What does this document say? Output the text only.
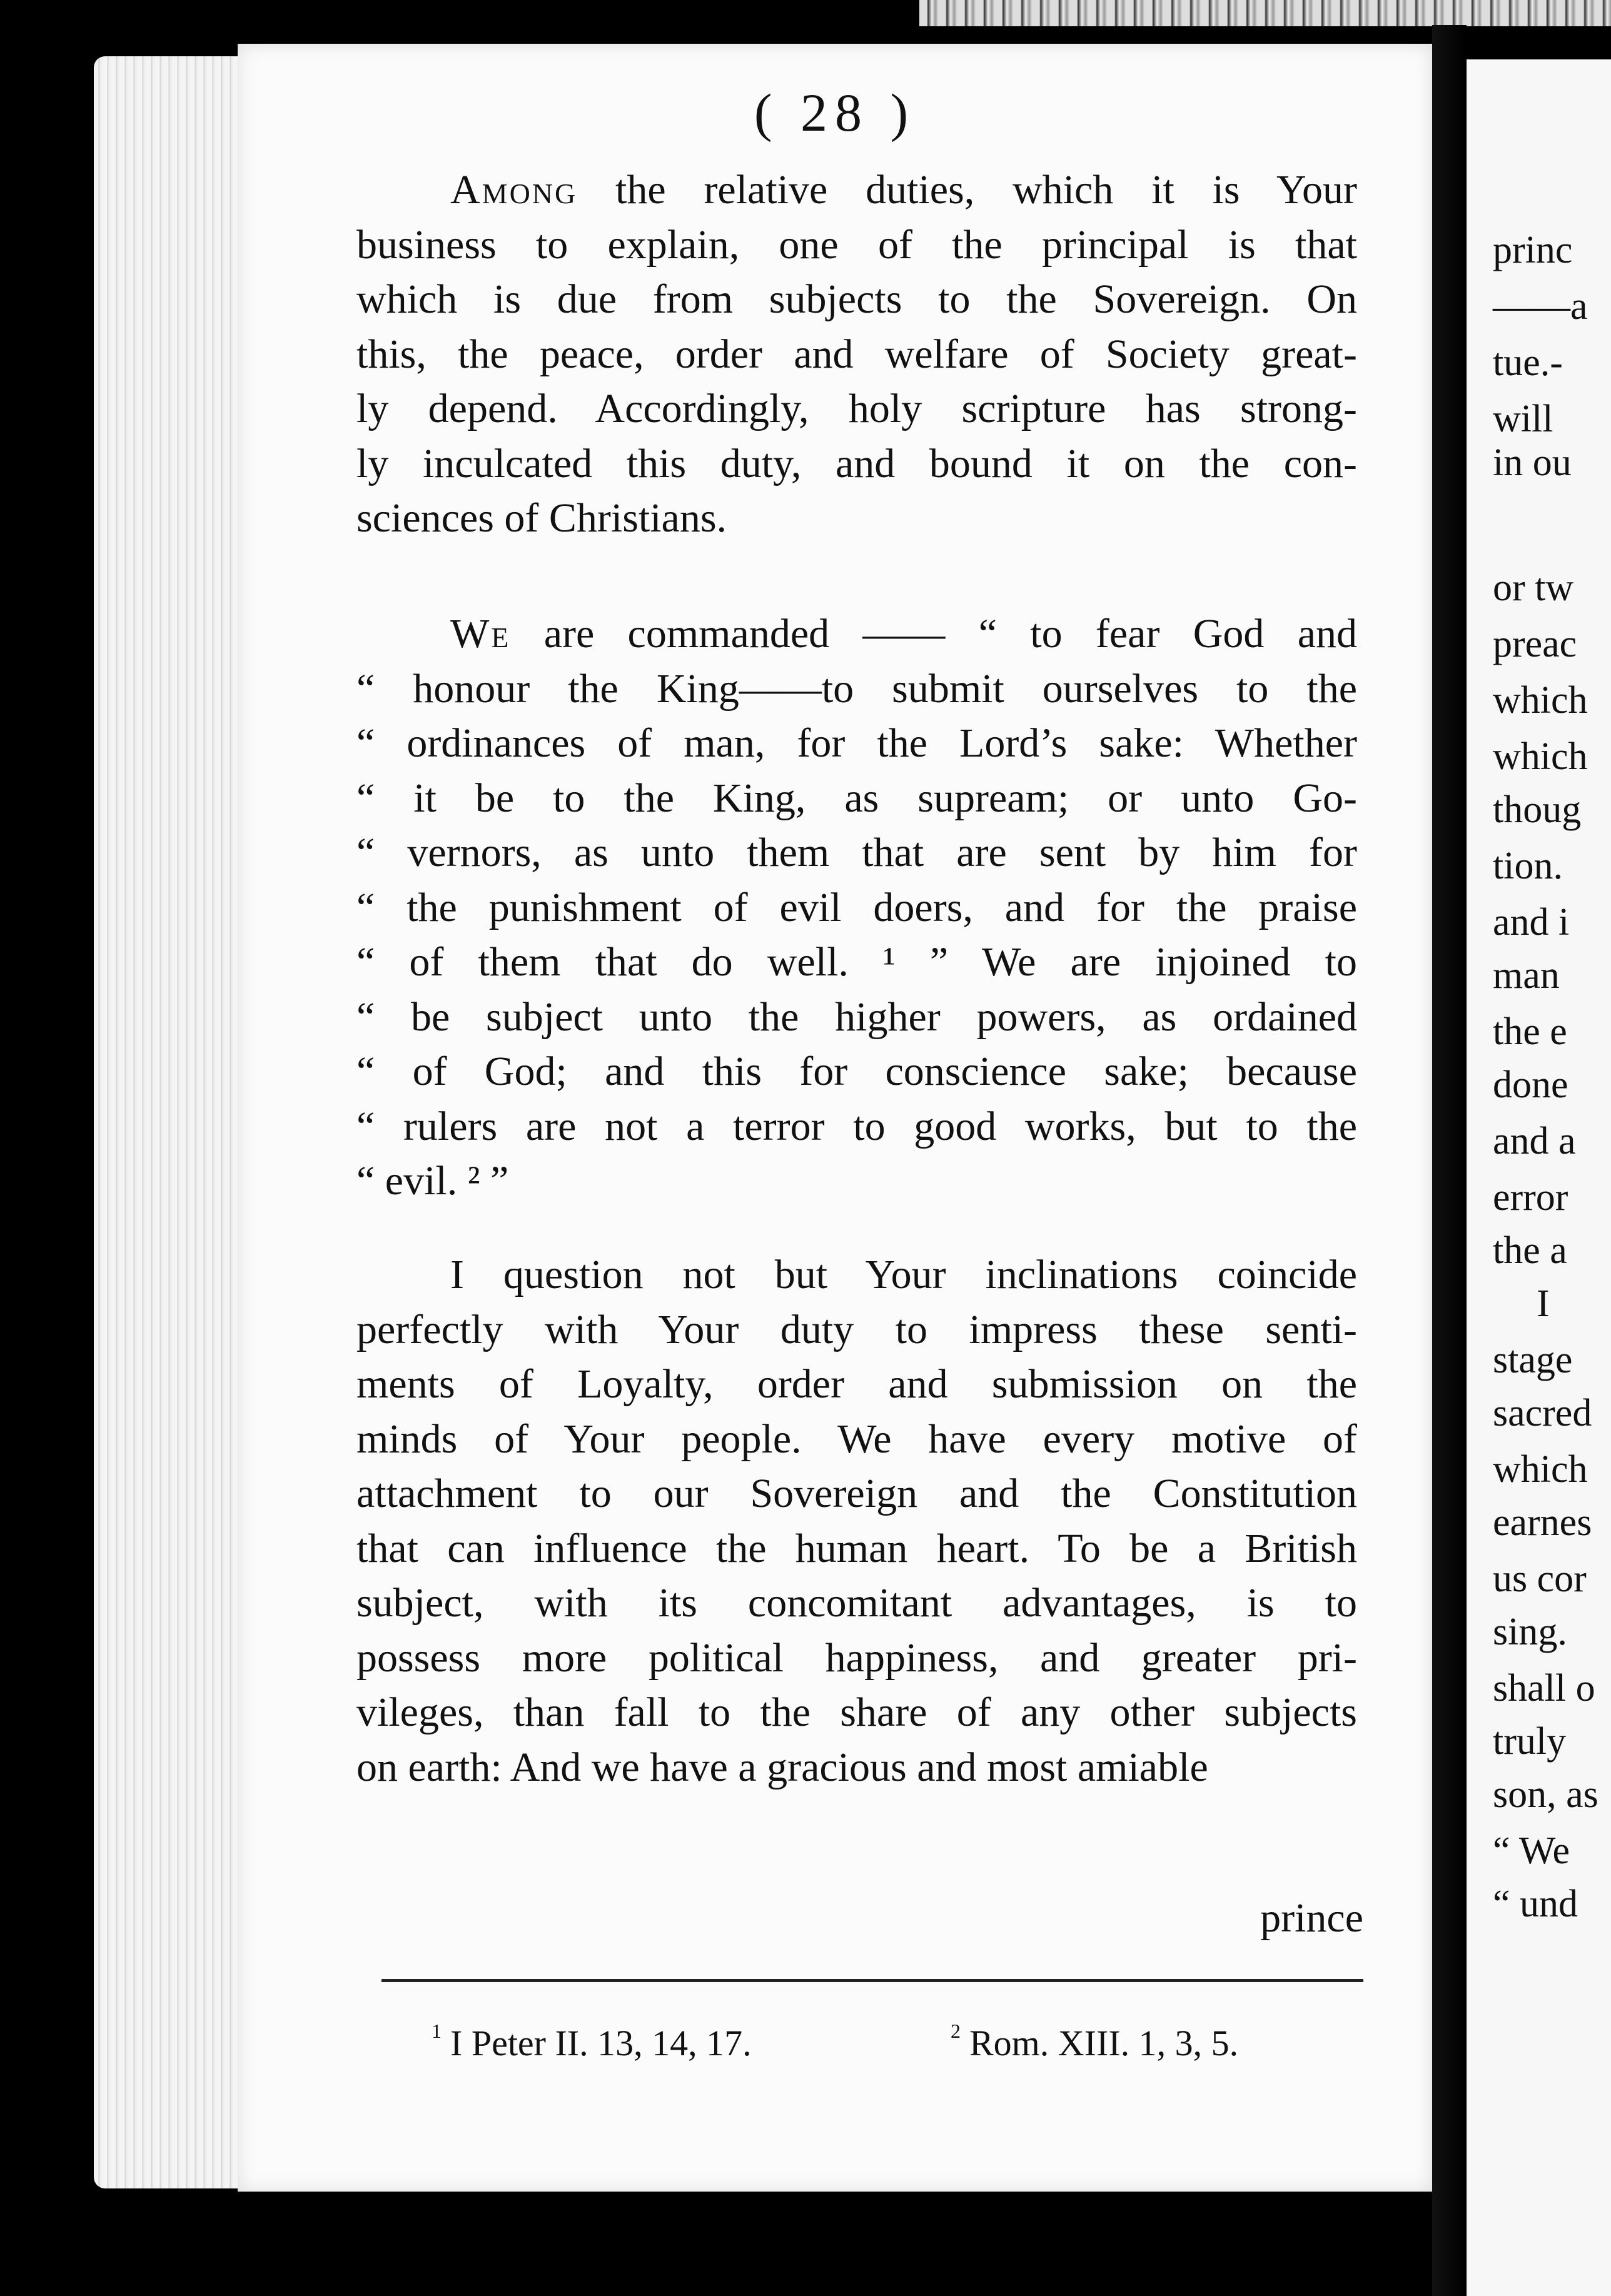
( 28 )
Among the relative duties, which it is Your
business to explain, one of the principal is that
which is due from subjects to the Sovereign. On
this, the peace, order and welfare of Society great-
ly depend. Accordingly, holy scripture has strong-
ly inculcated this duty, and bound it on the con-
sciences of Christians.
We are commanded —— “ to fear God and
“ honour the King——to submit ourselves to the
“ ordinances of man, for the Lord’s sake: Whether
“ it be to the King, as supream; or unto Go-
“ vernors, as unto them that are sent by him for
“ the punishment of evil doers, and for the praise
“ of them that do well. ¹ ” We are injoined to
“ be subject unto the higher powers, as ordained
“ of God; and this for conscience sake; because
“ rulers are not a terror to good works, but to the
“ evil. ² ”
I question not but Your inclinations coincide
perfectly with Your duty to impress these senti-
ments of Loyalty, order and submission on the
minds of Your people. We have every motive of
attachment to our Sovereign and the Constitution
that can influence the human heart. To be a British
subject, with its concomitant advantages, is to
possess more political happiness, and greater pri-
vileges, than fall to the share of any other subjects
on earth: And we have a gracious and most amiable
prince
$^1$ I Peter II. 13, 14, 17.	$^2$ Rom. XIII. 1, 3, 5.
princ
——a
tue.-
will
in ou
or tw
preac
which
which
thoug
tion.
and i
man
the e
done
and a
error
the a
I
stage
sacred
which
earnes
us cor
sing.
shall o
truly
son, as
“ We
“ und
